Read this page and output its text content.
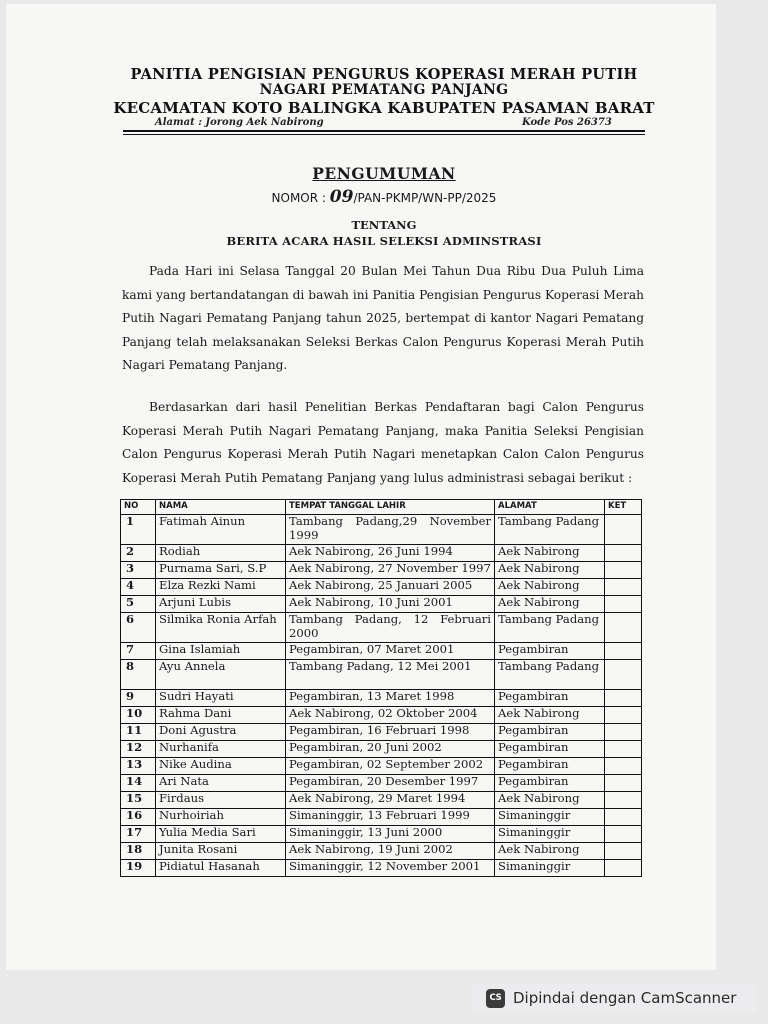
PANITIA PENGISIAN PENGURUS KOPERASI MERAH PUTIH
NAGARI PEMATANG PANJANG
KECAMATAN KOTO BALINGKA KABUPATEN PASAMAN BARAT
Alamat : Jorong Aek Nabirong	Kode Pos 26373
PENGUMUMAN
NOMOR : 09/PAN-PKMP/WN-PP/2025
TENTANG
BERITA ACARA HASIL SELEKSI ADMINSTRASI

Pada Hari ini Selasa Tanggal 20 Bulan Mei Tahun Dua Ribu Dua Puluh Lima kami yang bertandatangan di bawah ini Panitia Pengisian Pengurus Koperasi Merah Putih Nagari Pematang Panjang tahun 2025, bertempat di kantor Nagari Pematang Panjang telah melaksanakan Seleksi Berkas Calon Pengurus Koperasi Merah Putih Nagari Pematang Panjang.

Berdasarkan dari hasil Penelitian Berkas Pendaftaran bagi Calon Pengurus Koperasi Merah Putih Nagari Pematang Panjang, maka Panitia Seleksi Pengisian Calon Pengurus Koperasi Merah Putih Nagari menetapkan Calon Calon Pengurus Koperasi Merah Putih Pematang Panjang yang lulus administrasi sebagai berikut :

NO	NAMA	TEMPAT TANGGAL LAHIR	ALAMAT	KET
1	Fatimah Ainun	Tambang Padang,29 November 1999	Tambang Padang	
2	Rodiah	Aek Nabirong, 26 Juni 1994	Aek Nabirong	
3	Purnama Sari, S.P	Aek Nabirong, 27 November 1997	Aek Nabirong	
4	Elza Rezki Nami	Aek Nabirong, 25 Januari 2005	Aek Nabirong	
5	Arjuni Lubis	Aek Nabirong, 10 Juni 2001	Aek Nabirong	
6	Silmika Ronia Arfah	Tambang Padang, 12 Februari 2000	Tambang Padang	
7	Gina Islamiah	Pegambiran, 07 Maret 2001	Pegambiran	
8	Ayu Annela	Tambang Padang, 12 Mei 2001	Tambang Padang	
9	Sudri Hayati	Pegambiran, 13 Maret 1998	Pegambiran	
10	Rahma Dani	Aek Nabirong, 02 Oktober 2004	Aek Nabirong	
11	Doni Agustra	Pegambiran, 16 Februari 1998	Pegambiran	
12	Nurhanifa	Pegambiran, 20 Juni 2002	Pegambiran	
13	Nike Audina	Pegambiran, 02 September 2002	Pegambiran	
14	Ari Nata	Pegambiran, 20 Desember 1997	Pegambiran	
15	Firdaus	Aek Nabirong, 29 Maret 1994	Aek Nabirong	
16	Nurhoiriah	Simaninggir, 13 Februari 1999	Simaninggir	
17	Yulia Media Sari	Simaninggir, 13 Juni 2000	Simaninggir	
18	Junita Rosani	Aek Nabirong, 19 Juni 2002	Aek Nabirong	
19	Pidiatul Hasanah	Simaninggir, 12 November 2001	Simaninggir	
CS Dipindai dengan CamScanner
